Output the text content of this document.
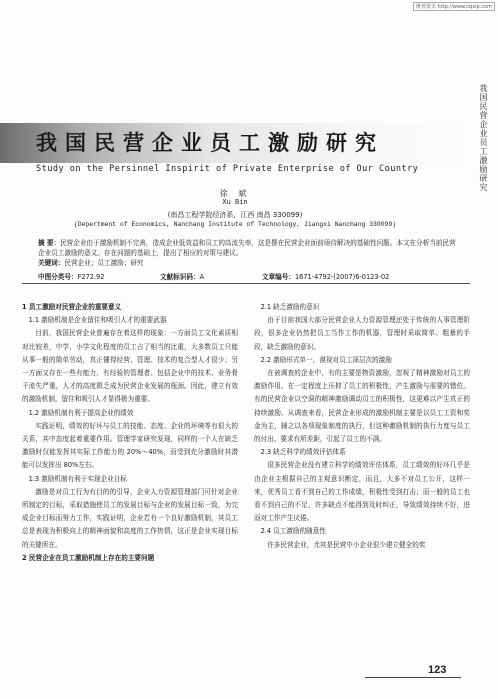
维普资讯 http://www.cqvip.com
我国民营企业员工激励研究
我国民营企业员工激励研究
Study on the Persinnel Inspirit of Private Enterprise of Our Country
徐 斌
Xu Bin
(南昌工程学院经济系，江西 南昌 330099)
(Depertment of Economics, Nanchang Institute of Technology, Jiangxi Nanchang 330099)
摘 要：民营企业由于激励机制不完善，造成企业低效益和员工的高流失率，这是摆在民营企业面前亟待解决的基础性问题。本文在分析当前民营企业员工激励的意义、存在问题的基础上，提出了相应的对策与建议。
关键词：民营企业；员工激励；研究
中图分类号：F272.92	文献标识码：A	文章编号：1671-4792-(2007)6-0123-02

1 员工激励对民营企业的重要意义

1.1 激励机制是企业留住和吸引人才的重要武器

目前，我国民营企业普遍存在着这样的现象：一方面员工文化素质相对比较差，中学、小学文化程度的员工占了相当的比重，大多数员工只能从事一般的简单劳动，真正懂得经营、管理、技术的复合型人才很少；另一方面又存在一些有能力、有经验的管理者、包括企业中的技术、业务骨干流失严重，人才的高度匮乏成为民营企业发展的瓶颈。因此，建立有效的激励机制，留住和吸引人才显得极为重要。

1.2 激励机制有利于提高企业的绩效

实践证明，绩效的好坏与员工的技能、态度、企业的环境等有很大的关系，其中态度起着重要作用。管理学家研究发现，同样的一个人在缺乏激励时仅能发挥其实际工作能力的 20%～40%，而受到充分激励时其潜能可以发挥出 80%左右。

1.3 激励机制有利于实现企业目标

激励是对员工行为有目的的引导，企业人力资源管理部门可针对企业所制定的目标，采取措施使员工的发展目标与企业的发展目标一致，为完成企业目标而努力工作，实践证明，企业若有一个良好激励机制，其员工总是表现为积极向上的精神面貌和高度的工作热情，这正是企业实现目标的关键所在。

2 民营企业在员工激励机制上存在的主要问题

2.1 缺乏激励的意识

由于目前我国大部分民营企业人力资源管理还处于传统的人事管理阶段，很多企业仍然把员工当作工作的机器，管理时采取简单、粗暴的手段，缺乏激励的意识。

2.2 激励形式单一，漠视对员工深层次的激励

在被调查的企业中，有的主要是物资激励，忽视了精神激励对员工的激励作用。在一定程度上压抑了员工的积极性，产生激励与需要的错位。有的民营企业以空洞的精神激励调动员工的积极性，这更难以产生真正的持续激励。从调查来看，民营企业形成的激励机制主要是以员工工资和奖金为主，辅之以各项现象制度的执行，但这种激励机制的执行力度与员工的付出、要求有所差距，引起了员工的不满。

2.3 缺乏科学的绩效评估体系

很多民营企业没有建立科学的绩效评估体系，员工绩效的好坏几乎是由企业主根据自己的主观意识断定，而且，大多不对员工公开，这样一来，优秀员工看不到自己的工作成绩，积极性受到打击；而一般的员工也看不到自己的不足，许多缺点不能得到及时纠正，导致绩效持续不好，进而对工作产生厌倦。

2.4 员工激励的随意性

许多民营企业，尤其是民营中小企业很少建立健全的奖

123
